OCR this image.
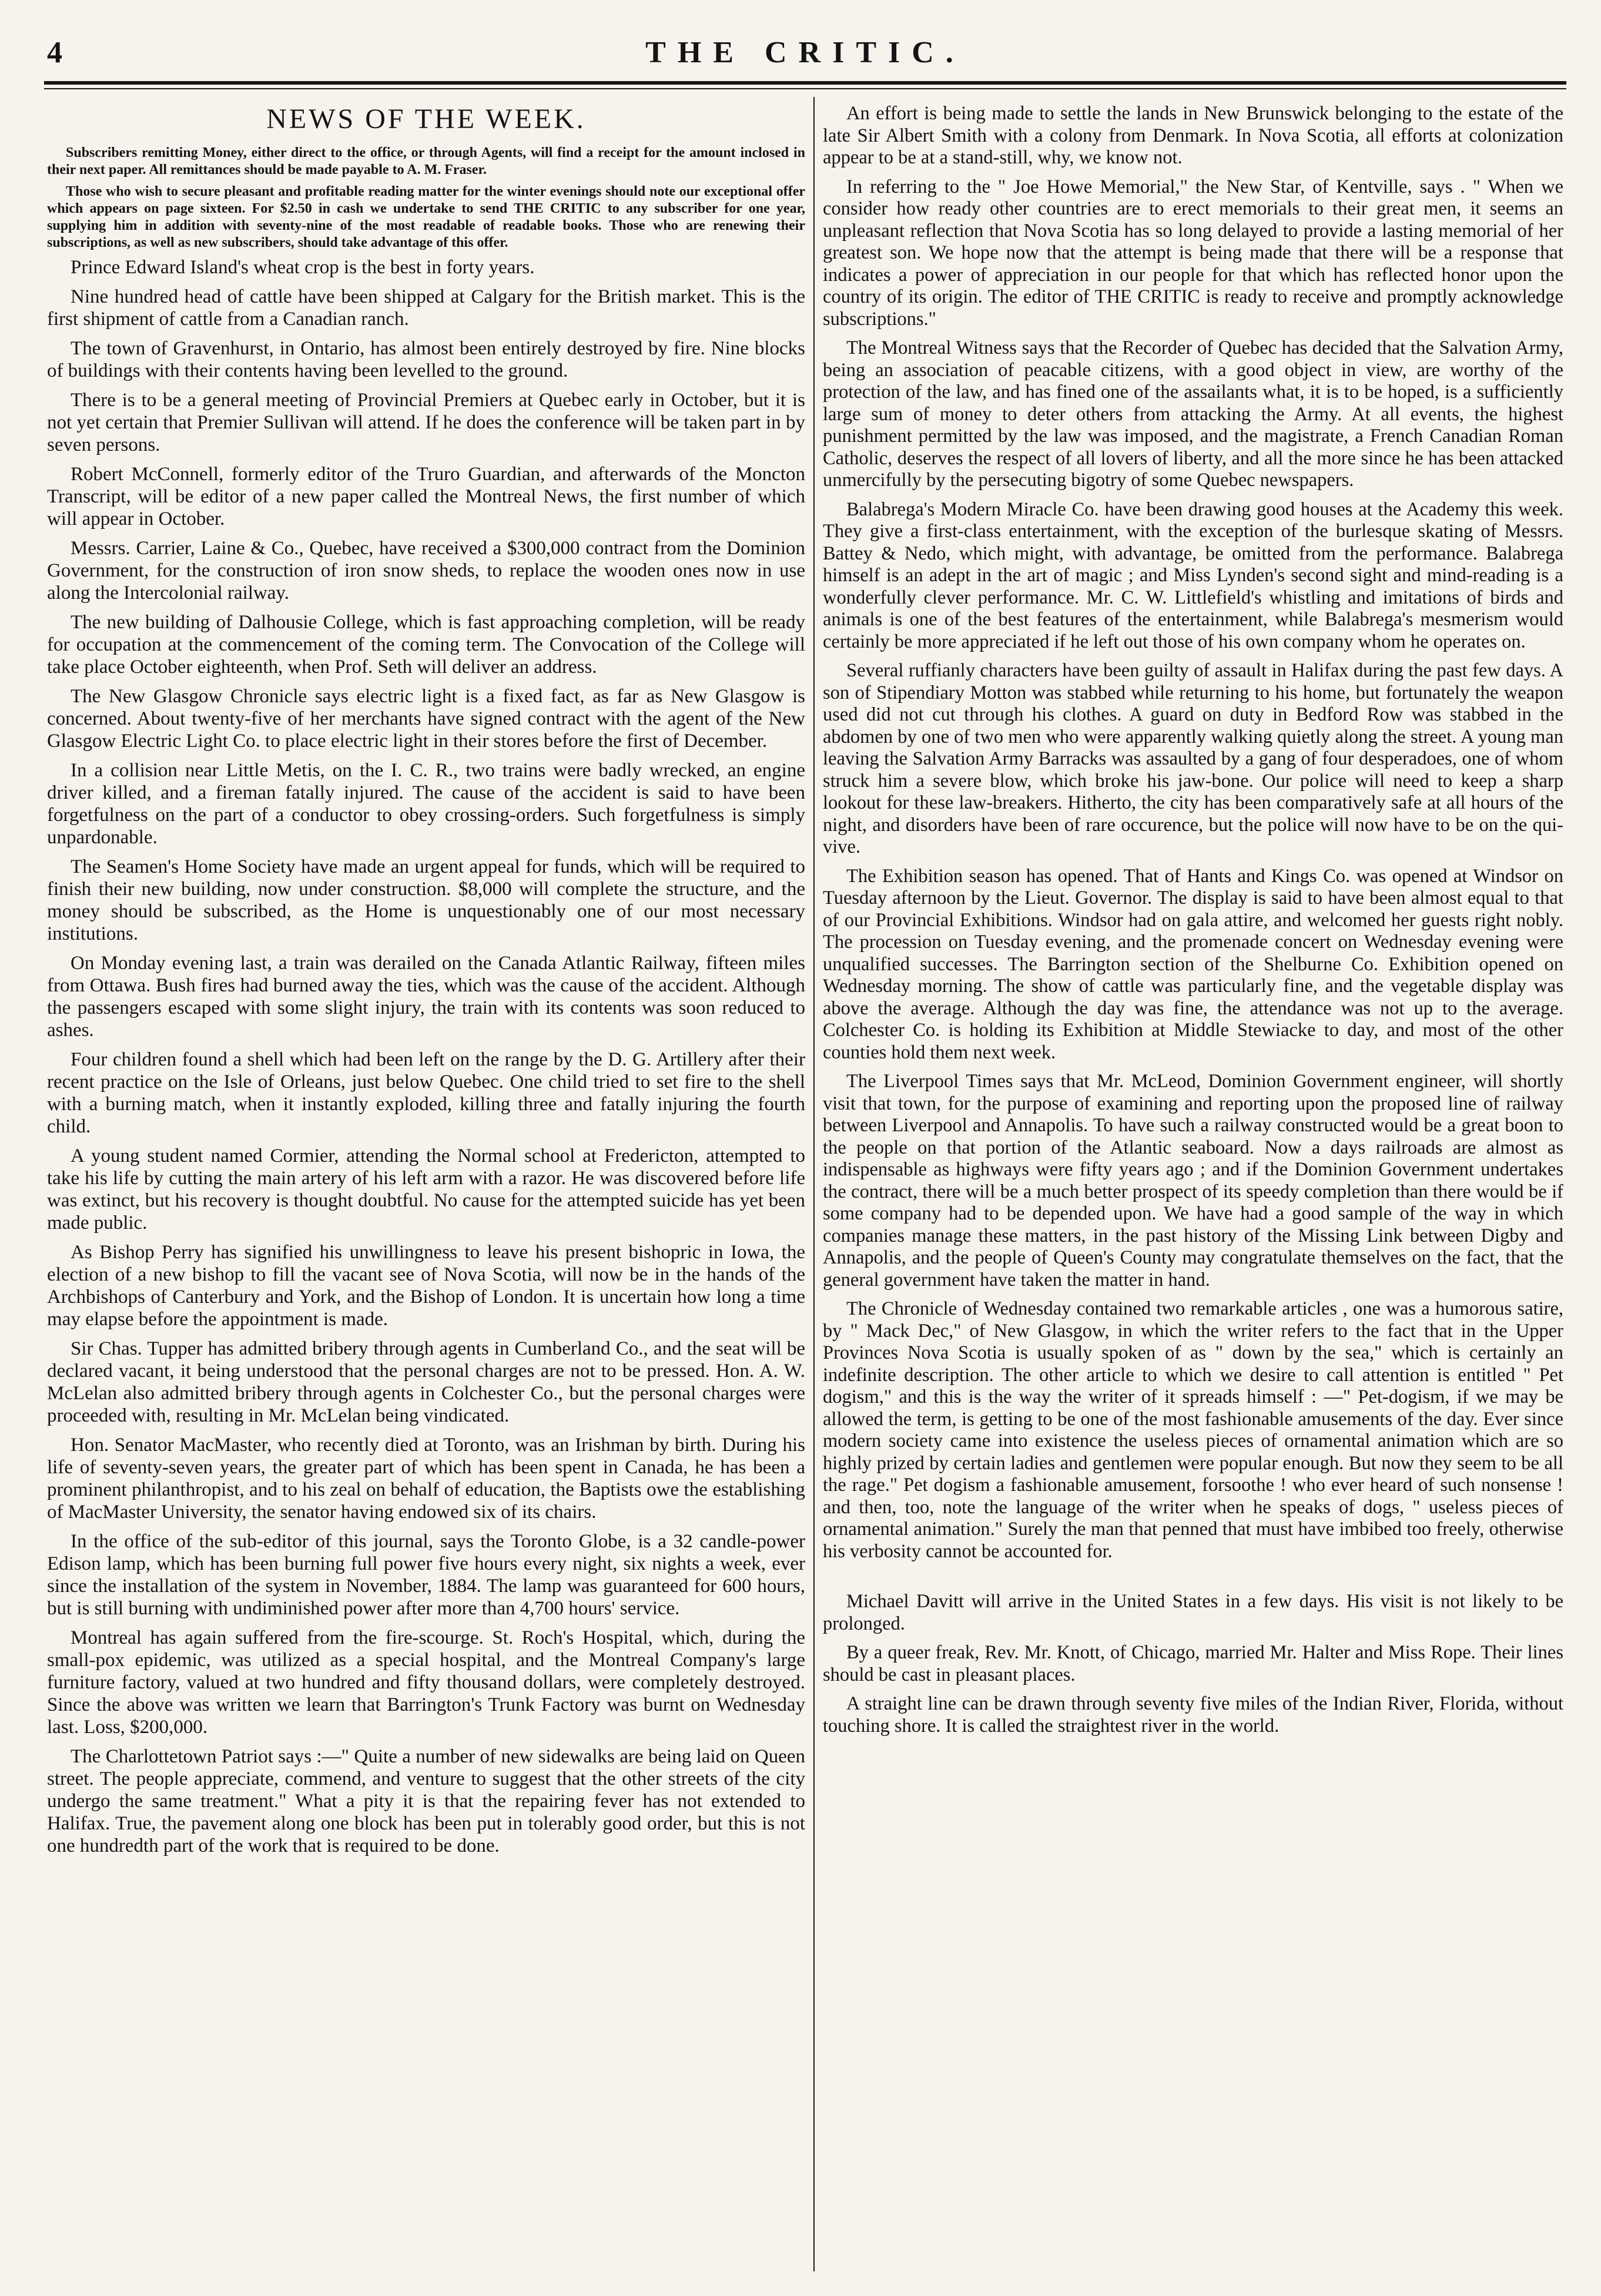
4	THE CRITIC.
NEWS OF THE WEEK.

Subscribers remitting Money, either direct to the office, or through Agents, will find a receipt for the amount inclosed in their next paper. All remittances should be made payable to A. M. Fraser.

Those who wish to secure pleasant and profitable reading matter for the winter evenings should note our exceptional offer which appears on page sixteen. For $2.50 in cash we undertake to send THE CRITIC to any subscriber for one year, supplying him in addition with seventy-nine of the most readable of readable books. Those who are renewing their subscriptions, as well as new subscribers, should take advantage of this offer.

Prince Edward Island's wheat crop is the best in forty years.

Nine hundred head of cattle have been shipped at Calgary for the British market. This is the first shipment of cattle from a Canadian ranch.

The town of Gravenhurst, in Ontario, has almost been entirely destroyed by fire. Nine blocks of buildings with their contents having been levelled to the ground.

There is to be a general meeting of Provincial Premiers at Quebec early in October, but it is not yet certain that Premier Sullivan will attend. If he does the conference will be taken part in by seven persons.

Robert McConnell, formerly editor of the Truro Guardian, and afterwards of the Moncton Transcript, will be editor of a new paper called the Montreal News, the first number of which will appear in October.

Messrs. Carrier, Laine & Co., Quebec, have received a $300,000 contract from the Dominion Government, for the construction of iron snow sheds, to replace the wooden ones now in use along the Intercolonial railway.

The new building of Dalhousie College, which is fast approaching completion, will be ready for occupation at the commencement of the coming term. The Convocation of the College will take place October eighteenth, when Prof. Seth will deliver an address.

The New Glasgow Chronicle says electric light is a fixed fact, as far as New Glasgow is concerned. About twenty-five of her merchants have signed contract with the agent of the New Glasgow Electric Light Co. to place electric light in their stores before the first of December.

In a collision near Little Metis, on the I. C. R., two trains were badly wrecked, an engine driver killed, and a fireman fatally injured. The cause of the accident is said to have been forgetfulness on the part of a conductor to obey crossing-orders. Such forgetfulness is simply unpardonable.

The Seamen's Home Society have made an urgent appeal for funds, which will be required to finish their new building, now under construction. $8,000 will complete the structure, and the money should be subscribed, as the Home is unquestionably one of our most necessary institutions.

On Monday evening last, a train was derailed on the Canada Atlantic Railway, fifteen miles from Ottawa. Bush fires had burned away the ties, which was the cause of the accident. Although the passengers escaped with some slight injury, the train with its contents was soon reduced to ashes.

Four children found a shell which had been left on the range by the D. G. Artillery after their recent practice on the Isle of Orleans, just below Quebec. One child tried to set fire to the shell with a burning match, when it instantly exploded, killing three and fatally injuring the fourth child.

A young student named Cormier, attending the Normal school at Fredericton, attempted to take his life by cutting the main artery of his left arm with a razor. He was discovered before life was extinct, but his recovery is thought doubtful. No cause for the attempted suicide has yet been made public.

As Bishop Perry has signified his unwillingness to leave his present bishopric in Iowa, the election of a new bishop to fill the vacant see of Nova Scotia, will now be in the hands of the Archbishops of Canterbury and York, and the Bishop of London. It is uncertain how long a time may elapse before the appointment is made.

Sir Chas. Tupper has admitted bribery through agents in Cumberland Co., and the seat will be declared vacant, it being understood that the personal charges are not to be pressed. Hon. A. W. McLelan also admitted bribery through agents in Colchester Co., but the personal charges were proceeded with, resulting in Mr. McLelan being vindicated.

Hon. Senator MacMaster, who recently died at Toronto, was an Irishman by birth. During his life of seventy-seven years, the greater part of which has been spent in Canada, he has been a prominent philanthropist, and to his zeal on behalf of education, the Baptists owe the establishing of MacMaster University, the senator having endowed six of its chairs.

In the office of the sub-editor of this journal, says the Toronto Globe, is a 32 candle-power Edison lamp, which has been burning full power five hours every night, six nights a week, ever since the installation of the system in November, 1884. The lamp was guaranteed for 600 hours, but is still burning with undiminished power after more than 4,700 hours' service.

Montreal has again suffered from the fire-scourge. St. Roch's Hospital, which, during the small-pox epidemic, was utilized as a special hospital, and the Montreal Company's large furniture factory, valued at two hundred and fifty thousand dollars, were completely destroyed. Since the above was written we learn that Barrington's Trunk Factory was burnt on Wednesday last. Loss, $200,000.

The Charlottetown Patriot says :—" Quite a number of new sidewalks are being laid on Queen street. The people appreciate, commend, and venture to suggest that the other streets of the city undergo the same treatment." What a pity it is that the repairing fever has not extended to Halifax. True, the pavement along one block has been put in tolerably good order, but this is not one hundredth part of the work that is required to be done.

An effort is being made to settle the lands in New Brunswick belonging to the estate of the late Sir Albert Smith with a colony from Denmark. In Nova Scotia, all efforts at colonization appear to be at a stand-still, why, we know not.

In referring to the " Joe Howe Memorial," the New Star, of Kentville, says . " When we consider how ready other countries are to erect memorials to their great men, it seems an unpleasant reflection that Nova Scotia has so long delayed to provide a lasting memorial of her greatest son. We hope now that the attempt is being made that there will be a response that indicates a power of appreciation in our people for that which has reflected honor upon the country of its origin. The editor of THE CRITIC is ready to receive and promptly acknowledge subscriptions."

The Montreal Witness says that the Recorder of Quebec has decided that the Salvation Army, being an association of peacable citizens, with a good object in view, are worthy of the protection of the law, and has fined one of the assailants what, it is to be hoped, is a sufficiently large sum of money to deter others from attacking the Army. At all events, the highest punishment permitted by the law was imposed, and the magistrate, a French Canadian Roman Catholic, deserves the respect of all lovers of liberty, and all the more since he has been attacked unmercifully by the persecuting bigotry of some Quebec newspapers.

Balabrega's Modern Miracle Co. have been drawing good houses at the Academy this week. They give a first-class entertainment, with the exception of the burlesque skating of Messrs. Battey & Nedo, which might, with advantage, be omitted from the performance. Balabrega himself is an adept in the art of magic ; and Miss Lynden's second sight and mind-reading is a wonderfully clever performance. Mr. C. W. Littlefield's whistling and imitations of birds and animals is one of the best features of the entertainment, while Balabrega's mesmerism would certainly be more appreciated if he left out those of his own company whom he operates on.

Several ruffianly characters have been guilty of assault in Halifax during the past few days. A son of Stipendiary Motton was stabbed while returning to his home, but fortunately the weapon used did not cut through his clothes. A guard on duty in Bedford Row was stabbed in the abdomen by one of two men who were apparently walking quietly along the street. A young man leaving the Salvation Army Barracks was assaulted by a gang of four desperadoes, one of whom struck him a severe blow, which broke his jaw-bone. Our police will need to keep a sharp lookout for these law-breakers. Hitherto, the city has been comparatively safe at all hours of the night, and disorders have been of rare occurence, but the police will now have to be on the qui-vive.

The Exhibition season has opened. That of Hants and Kings Co. was opened at Windsor on Tuesday afternoon by the Lieut. Governor. The display is said to have been almost equal to that of our Provincial Exhibitions. Windsor had on gala attire, and welcomed her guests right nobly. The procession on Tuesday evening, and the promenade concert on Wednesday evening were unqualified successes. The Barrington section of the Shelburne Co. Exhibition opened on Wednesday morning. The show of cattle was particularly fine, and the vegetable display was above the average. Although the day was fine, the attendance was not up to the average. Colchester Co. is holding its Exhibition at Middle Stewiacke to day, and most of the other counties hold them next week.

The Liverpool Times says that Mr. McLeod, Dominion Government engineer, will shortly visit that town, for the purpose of examining and reporting upon the proposed line of railway between Liverpool and Annapolis. To have such a railway constructed would be a great boon to the people on that portion of the Atlantic seaboard. Now a days railroads are almost as indispensable as highways were fifty years ago ; and if the Dominion Government undertakes the contract, there will be a much better prospect of its speedy completion than there would be if some company had to be depended upon. We have had a good sample of the way in which companies manage these matters, in the past history of the Missing Link between Digby and Annapolis, and the people of Queen's County may congratulate themselves on the fact, that the general government have taken the matter in hand.

The Chronicle of Wednesday contained two remarkable articles , one was a humorous satire, by " Mack Dec," of New Glasgow, in which the writer refers to the fact that in the Upper Provinces Nova Scotia is usually spoken of as " down by the sea," which is certainly an indefinite description. The other article to which we desire to call attention is entitled " Pet dogism," and this is the way the writer of it spreads himself : —" Pet-dogism, if we may be allowed the term, is getting to be one of the most fashionable amusements of the day. Ever since modern society came into existence the useless pieces of ornamental animation which are so highly prized by certain ladies and gentlemen were popular enough. But now they seem to be all the rage." Pet dogism a fashionable amusement, forsoothe ! who ever heard of such nonsense ! and then, too, note the language of the writer when he speaks of dogs, " useless pieces of ornamental animation." Surely the man that penned that must have imbibed too freely, otherwise his verbosity cannot be accounted for.

Michael Davitt will arrive in the United States in a few days. His visit is not likely to be prolonged.

By a queer freak, Rev. Mr. Knott, of Chicago, married Mr. Halter and Miss Rope. Their lines should be cast in pleasant places.

A straight line can be drawn through seventy five miles of the Indian River, Florida, without touching shore. It is called the straightest river in the world.
